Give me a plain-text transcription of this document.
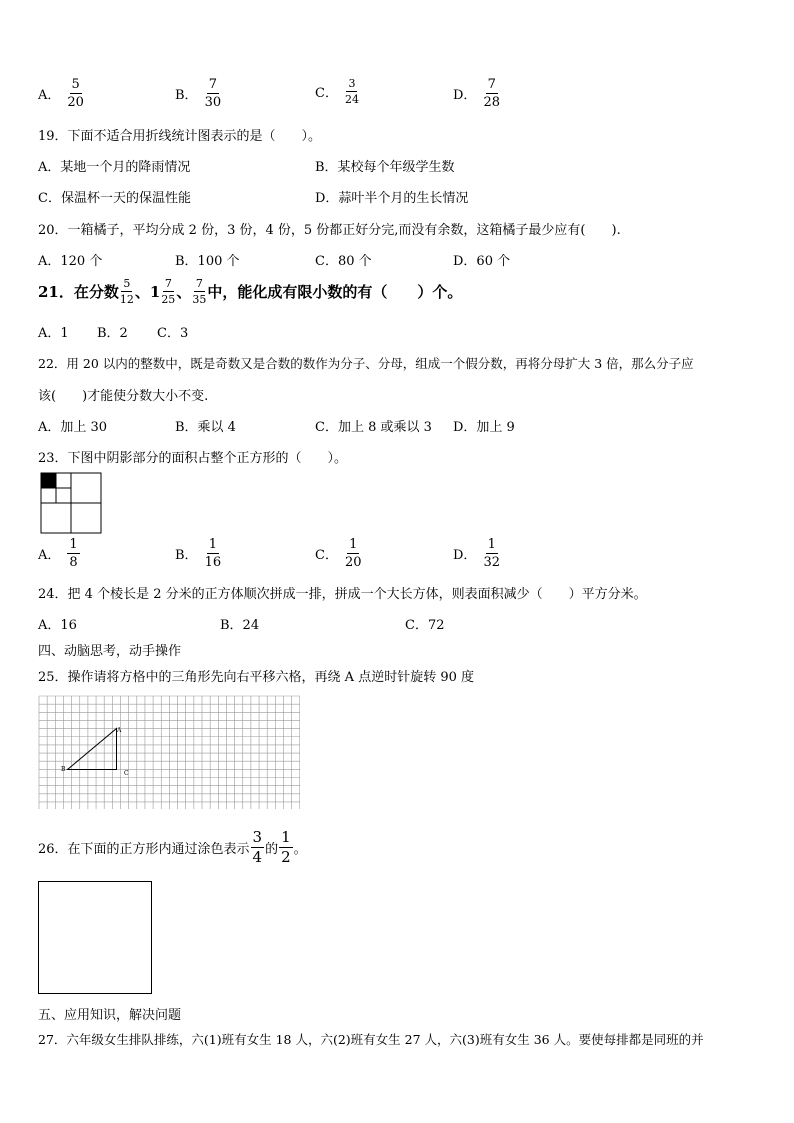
A．
5
20	B．
7
30
C．
3
24	D．
7
28
19．下面不适合用折线统计图表示的是（　　）。
A．某地一个月的降雨情况	B．某校每个年级学生数
C．保温杯一天的保温性能	D．蒜叶半个月的生长情况
20．一箱橘子，平均分成 2 份，3 份，4 份，5 份都正好分完,而没有余数，这箱橘子最少应有(　　).
A．120 个	B．100 个	C．80 个	D．60 个
21．在分数 5
12 、1 7
25 、 7
35 中，能化成有限小数的有（　　）个。
A．1 B．2 C．3
22．用 20 以内的整数中，既是奇数又是合数的数作为分子、分母，组成一个假分数，再将分母扩大 3 倍，那么分子应
该(　　)才能使分数大小不变.
A．加上 30	B．乘以 4	C．加上 8 或乘以 3 D．加上 9
23．下图中阴影部分的面积占整个正方形的（　　）。
A．
1
8	B．
1
16	C．
1
20	D．
1
32
24．把 4 个棱长是 2 分米的正方体顺次拼成一排，拼成一个大长方体，则表面积减少（　　）平方分米。
A．16	B．24	C．72
四、动脑思考，动手操作
25．操作请将方格中的三角形先向右平移六格，再绕 A 点逆时针旋转 90 度
A
B
C
26．在下面的正方形内通过涂色表示
3
4 的
1
2 。
五、应用知识，解决问题
27．六年级女生排队排练，六(1)班有女生 18 人，六(2)班有女生 27 人，六(3)班有女生 36 人。要使每排都是同班的并
